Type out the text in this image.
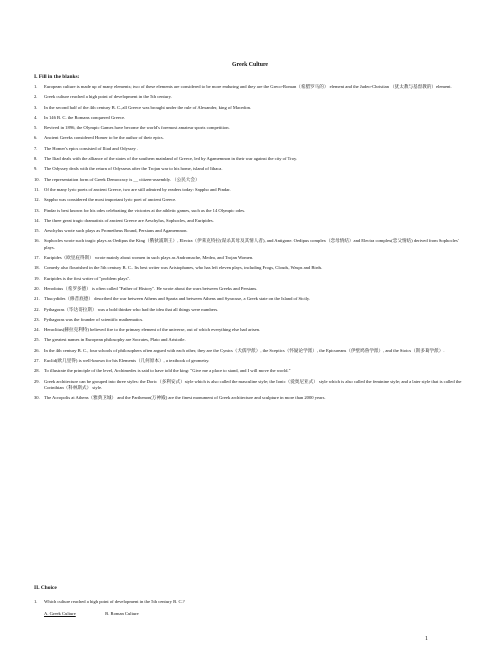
Greek Culture
I. Fill in the blanks:
1.	European culture is made up of many elements; two of these elements are considered to be more enduring and they are the Greco-Roman（希腊罗马的） element and the Judeo-Christian （犹太教与基督教的）element.
2.	Greek culture reached a high point of development in the 5th century.
3.	In the second half of the 4th century B. C.,all Greece was brought under the rule of Alexander, king of Macedon.
4.	In 146 B. C. the Romans conquered Greece.
5.	Revived in 1896, the Olympic Games have become the world's foremost amateur sports competition.
6.	Ancient Greeks considered Homer to be the author of their epics.
7.	The Homer's epics consisted of Iliad and Odyssey .
8.	The Iliad deals with the alliance of the states of the southern mainland of Greece, led by Agamemnon in their war against the city of Troy.
9.	The Odyssey deals with the return of Odysseus after the Trojan war to his home, island of Ithaca.
10. The representation form of Greek Democracy is __ citizen-assembly. （公民大会）
11. Of the many lyric poets of ancient Greece, two are still admired by readers today: Sappho and Pindar.
12. Sappho was considered the most important lyric poet of ancient Greece.
13. Pindar is best known for his odes celebrating the victories at the athletic games, such as the 14 Olympic odes.
14. The three great tragic dramatists of ancient Greece are Aeschylus, Sophocles, and Euripides.
15. Aeschylus wrote such plays as Prometheus Bound, Persians and Agamemnon.
16. Sophocles wrote such tragic plays as Oedipus the King（俄狄浦斯王）, Electra（伊莱克特拉(谋杀其母及其情人者), and Antigone. Oedipus complex（恋母情结）and Electra complex(恋父情结) derived from Sophocles' plays.
17. Euripides（欧里庇得斯） wrote mainly about women in such plays as Andromache, Medea, and Trojan Women.
18. Comedy also flourished in the 5th century B. C.. Its best writer was Aristophanes, who has left eleven plays, including Frogs, Clouds, Wasps and Birds.
19. Euripides is the first writer of "problem plays".
20. Herodotus（希罗多德） is often called "Father of History". He wrote about the wars between Greeks and Persians.
21. Thucydides（修昔底德） described the war between Athens and Sparta and between Athens and Syracuse, a Greek state on the Island of Sicily.
22. Pythagoras（毕达哥拉斯） was a bold thinker who had the idea that all things were numbers.
23. Pythagoras was the founder of scientific mathematics.
24. Heraclitus(赫拉克利特) believed fire to the primary element of the universe, out of which everything else had arisen.
25. The greatest names in European philosophy are Socrates, Plato and Aristotle.
26. In the 4th century B. C., four schools of philosophers often argued with each other, they are the Cynics（犬儒学派）, the Sceptics（怀疑论学派）, the Epicureans（伊壁鸠鲁学派）, and the Stoics（斯多葛学派）.
27. Euclid(欧几里得) is well-known for his Elements（几何原本）, a textbook of geometry.
28. To illustrate the principle of the level, Archimedes is said to have told the king: "Give me a place to stand, and I will move the world."
29. Greek architecture can be grouped into three styles: the Doric（多利安式）style which is also called the masculine style; the Ionic（爱奥尼亚式） style which is also called the feminine style; and a later style that is called the Corinthian（科林斯式） style.
30. The Acropolis at Athens（雅典卫城） and the Parthenon(万神殿) are the finest monument of Greek architecture and sculpture in more than 2000 years.
II. Choice
1. Which culture reached a high point of development in the 5th century B. C.?
A. Greek Culture	B. Roman Culture
1
